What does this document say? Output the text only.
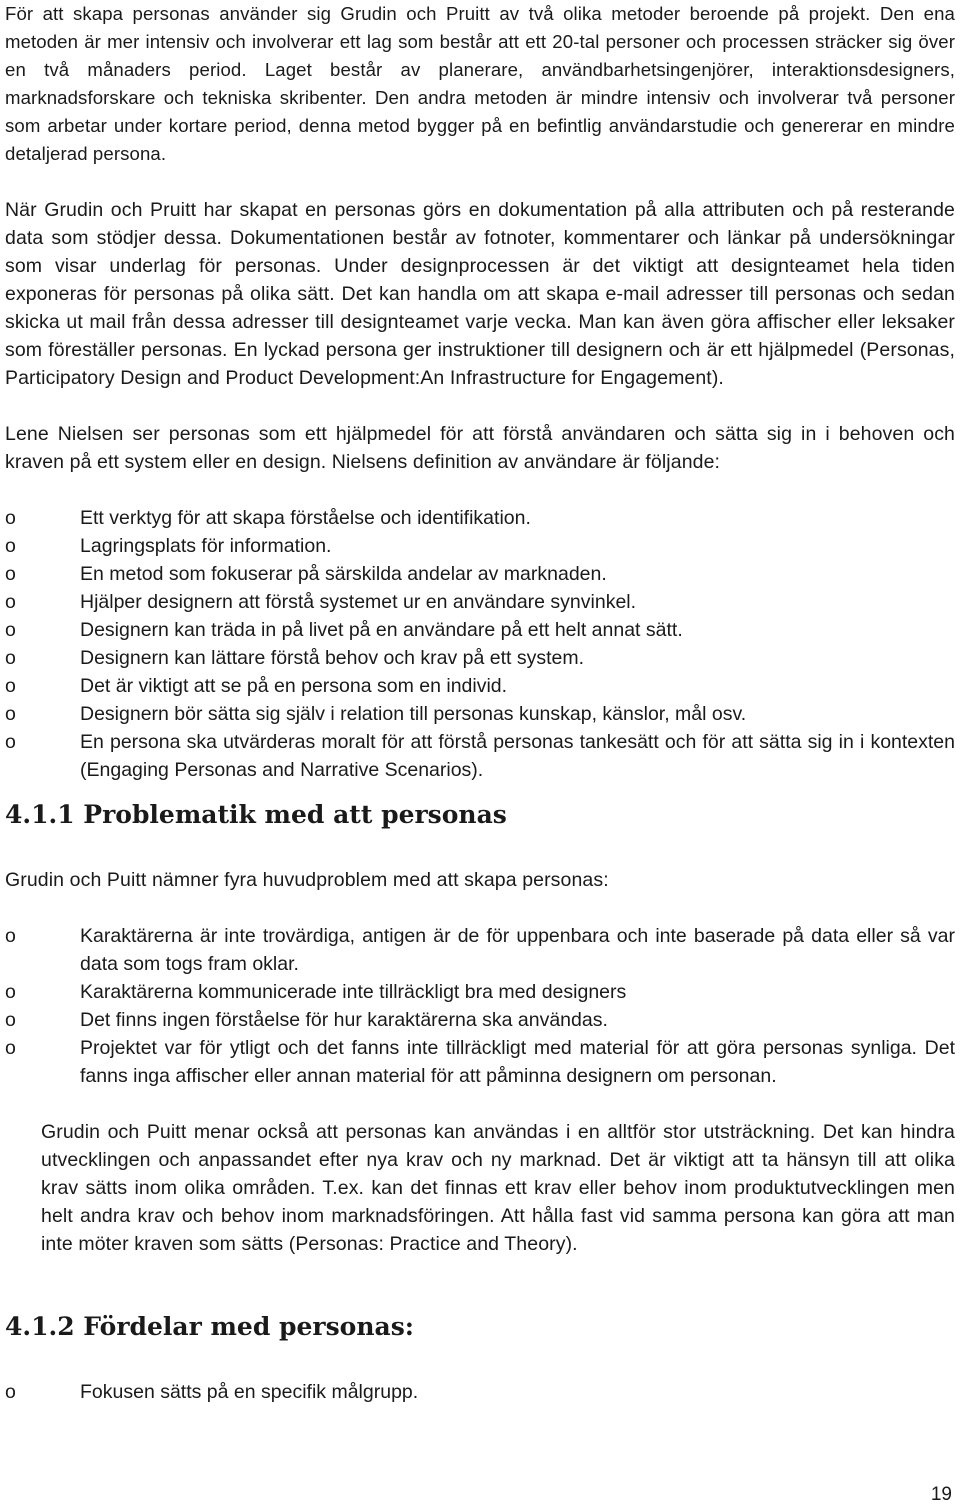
För att skapa personas använder sig Grudin och Pruitt av två olika metoder beroende på projekt. Den ena metoden är mer intensiv och involverar ett lag som består att ett 20-tal personer och processen sträcker sig över en två månaders period. Laget består av planerare, användbarhetsingenjörer, interaktionsdesigners, marknadsforskare och tekniska skribenter. Den andra metoden är mindre intensiv och involverar två personer som arbetar under kortare period, denna metod bygger på en befintlig användarstudie och genererar en mindre detaljerad persona.

När Grudin och Pruitt har skapat en personas görs en dokumentation på alla attributen och på resterande data som stödjer dessa. Dokumentationen består av fotnoter, kommentarer och länkar på undersökningar som visar underlag för personas. Under designprocessen är det viktigt att designteamet hela tiden exponeras för personas på olika sätt. Det kan handla om att skapa e-mail adresser till personas och sedan skicka ut mail från dessa adresser till designteamet varje vecka. Man kan även göra affischer eller leksaker som föreställer personas. En lyckad persona ger instruktioner till designern och är ett hjälpmedel (Personas, Participatory Design and Product Development:An Infrastructure for Engagement).

Lene Nielsen ser personas som ett hjälpmedel för att förstå användaren och sätta sig in i behoven och kraven på ett system eller en design. Nielsens definition av användare är följande:

o	Ett verktyg för att skapa förståelse och identifikation.
o	Lagringsplats för information.
o	En metod som fokuserar på särskilda andelar av marknaden.
o	Hjälper designern att förstå systemet ur en användare synvinkel.
o	Designern kan träda in på livet på en användare på ett helt annat sätt.
o	Designern kan lättare förstå behov och krav på ett system.
o	Det är viktigt att se på en persona som en individ.
o	Designern bör sätta sig själv i relation till personas kunskap, känslor, mål osv.
o	En persona ska utvärderas moralt för att förstå personas tankesätt och för att sätta sig in i kontexten (Engaging Personas and Narrative Scenarios).
4.1.1 Problematik med att personas

Grudin och Puitt nämner fyra huvudproblem med att skapa personas:

o	Karaktärerna är inte trovärdiga, antigen är de för uppenbara och inte baserade på data eller så var data som togs fram oklar.
o	Karaktärerna kommunicerade inte tillräckligt bra med designers
o	Det finns ingen förståelse för hur karaktärerna ska användas.
o	Projektet var för ytligt och det fanns inte tillräckligt med material för att göra personas synliga. Det fanns inga affischer eller annan material för att påminna designern om personan.

Grudin och Puitt menar också att personas kan användas i en alltför stor utsträckning. Det kan hindra utvecklingen och anpassandet efter nya krav och ny marknad. Det är viktigt att ta hänsyn till att olika krav sätts inom olika områden. T.ex. kan det finnas ett krav eller behov inom produktutvecklingen men helt andra krav och behov inom marknadsföringen. Att hålla fast vid samma persona kan göra att man inte möter kraven som sätts (Personas: Practice and Theory).

4.1.2 Fördelar med personas:
o	Fokusen sätts på en specifik målgrupp.
19
